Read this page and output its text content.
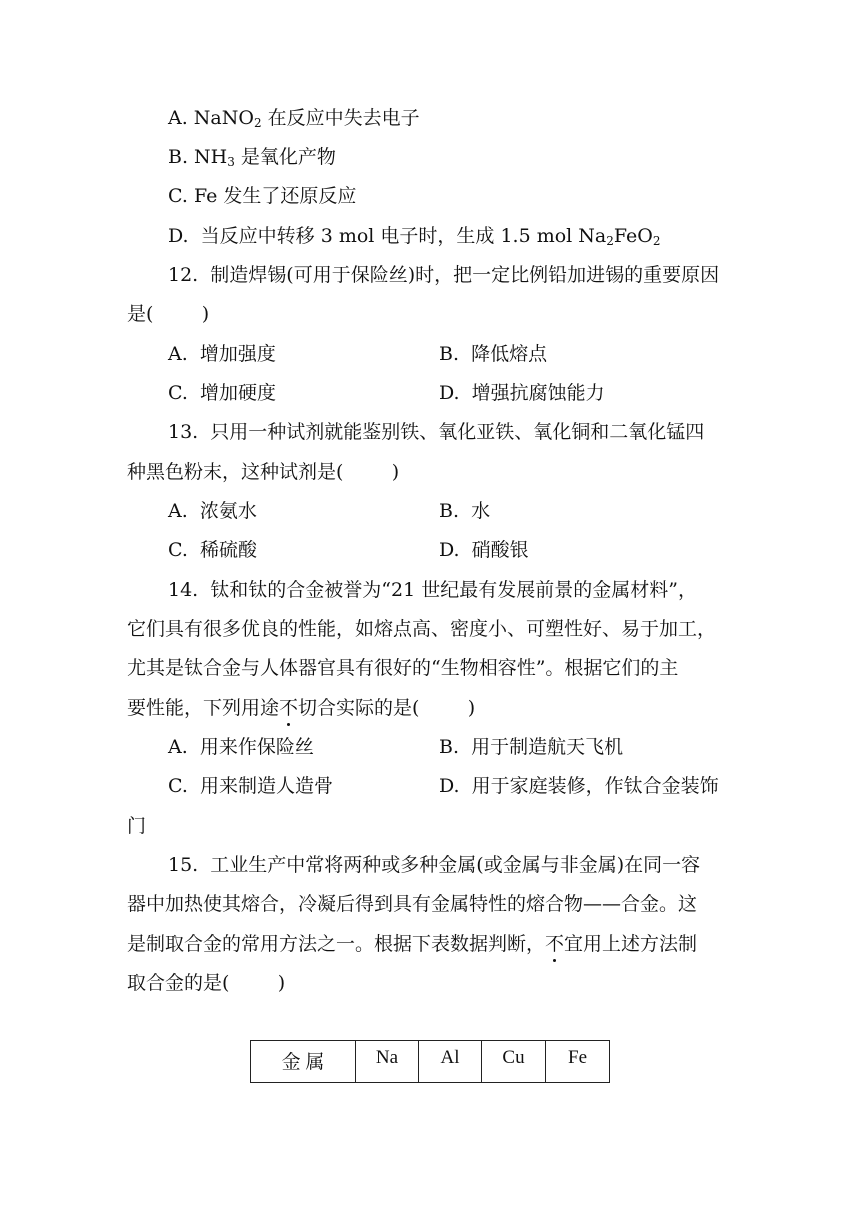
A. NaNO$_2$ 在反应中失去电子
B. $NH_3$ 是氧化产物
C. Fe 发生了还原反应
D.  当反应中转移 3 mol 电子时，生成 1.5 mol $Na_2FeO_2$
12.  制造焊锡(可用于保险丝)时，把一定比例铅加进锡的重要原因
是(        )
A.  增加强度	B.  降低熔点
C.  增加硬度	D.  增强抗腐蚀能力
13.  只用一种试剂就能鉴别铁、氧化亚铁、氧化铜和二氧化锰四
种黑色粉末，这种试剂是(        )
A.  浓氨水	B.  水
C.  稀硫酸	D.  硝酸银
14.  钛和钛的合金被誉为“21 世纪最有发展前景的金属材料”，
它们具有很多优良的性能，如熔点高、密度小、可塑性好、易于加工，
尤其是钛合金与人体器官具有很好的“生物相容性”。根据它们的主
要性能，下列用途不切合实际的是(        )
A.  用来作保险丝	B.  用于制造航天飞机
C.  用来制造人造骨	D.  用于家庭装修，作钛合金装饰
门
15.  工业生产中常将两种或多种金属(或金属与非金属)在同一容
器中加热使其熔合，冷凝后得到具有金属特性的熔合物——合金。这
是制取合金的常用方法之一。根据下表数据判断，不宜用上述方法制
取合金的是(        )
金 属	Na	Al	Cu	Fe
